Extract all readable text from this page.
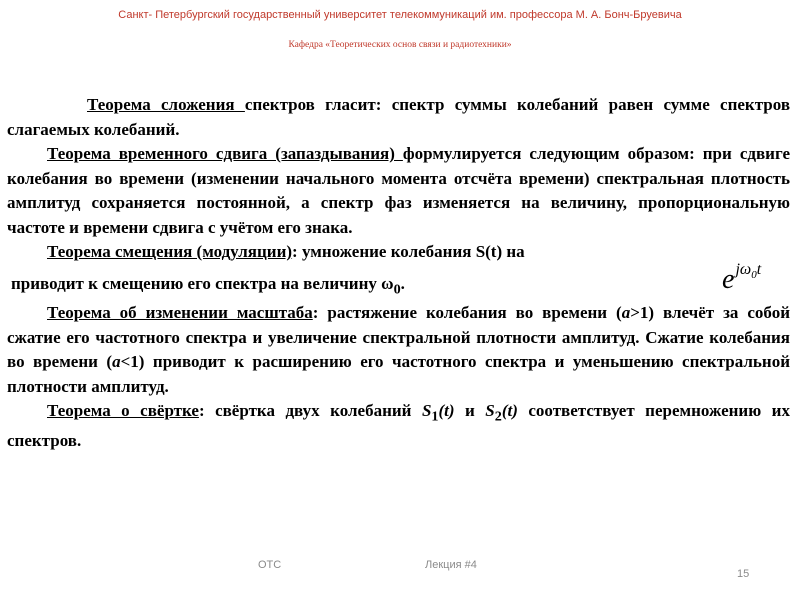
Санкт- Петербургский государственный университет телекоммуникаций им. профессора М. А. Бонч-Бруевича
Кафедра «Теоретических основ связи и радиотехники»

Теорема сложения спектров гласит: спектр суммы колебаний равен сумме спектров слагаемых колебаний.

Теорема временного сдвига (запаздывания) формулируется следующим образом: при сдвиге колебания во времени (изменении начального момента отсчёта времени) спектральная плотность амплитуд сохраняется постоянной, а спектр фаз изменяется на величину, пропорциональную частоте и времени сдвига с учётом его знака.

Теорема смещения (модуляции): умножение колебания S(t) на

приводит к смещению его спектра на величину $\omega_0$.

Теорема об изменении масштаба: растяжение колебания во времени (а>1) влечёт за собой сжатие его частотного спектра и увеличение спектральной плотности амплитуд. Сжатие колебания во времени (а<1) приводит к расширению его частотного спектра и уменьшению спектральной плотности амплитуд.

Теорема о свёртке: свёртка двух колебаний $S_1(t)$ и $S_2(t)$ соответствует перемножению их спектров.

ejω$_0$t
ОТС	Лекция #4
15
